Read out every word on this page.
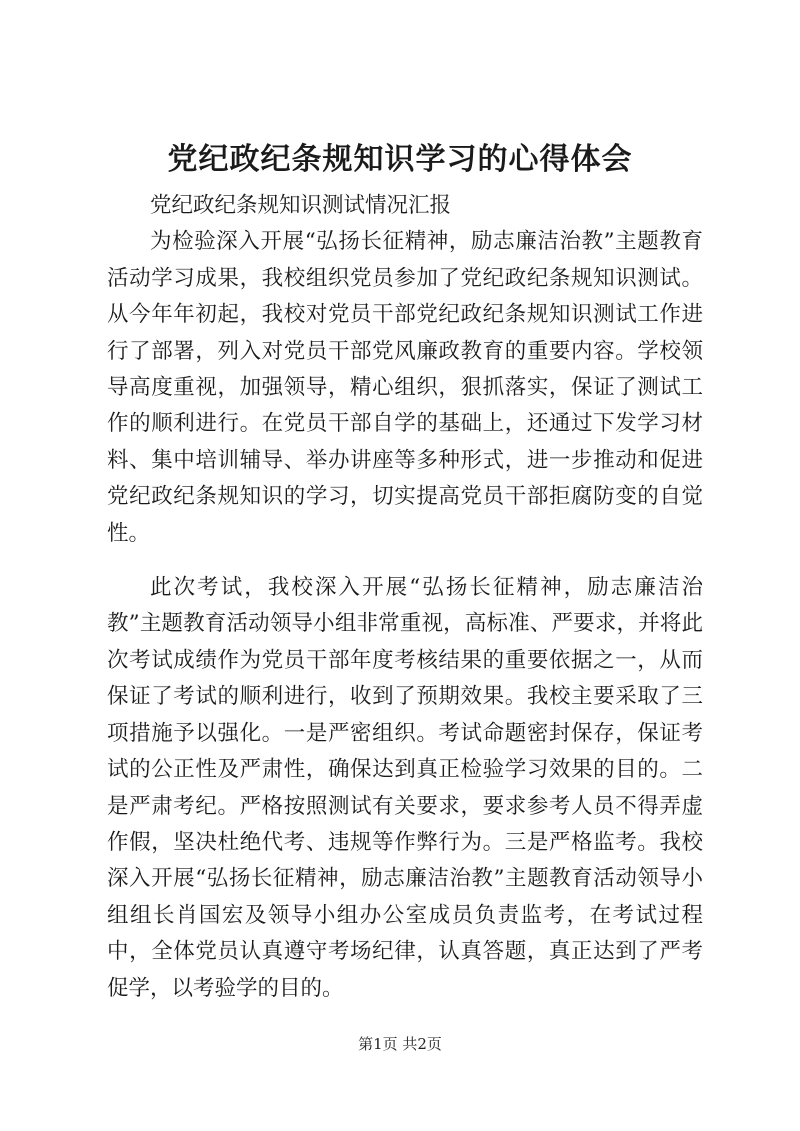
党纪政纪条规知识学习的心得体会

党纪政纪条规知识测试情况汇报

为检验深入开展“弘扬长征精神，励志廉洁治教”主题教育活动学习成果，我校组织党员参加了党纪政纪条规知识测试。从今年年初起，我校对党员干部党纪政纪条规知识测试工作进行了部署，列入对党员干部党风廉政教育的重要内容。学校领导高度重视，加强领导，精心组织，狠抓落实，保证了测试工作的顺利进行。在党员干部自学的基础上，还通过下发学习材料、集中培训辅导、举办讲座等多种形式，进一步推动和促进党纪政纪条规知识的学习，切实提高党员干部拒腐防变的自觉性。

此次考试，我校深入开展“弘扬长征精神，励志廉洁治教”主题教育活动领导小组非常重视，高标准、严要求，并将此次考试成绩作为党员干部年度考核结果的重要依据之一，从而保证了考试的顺利进行，收到了预期效果。我校主要采取了三项措施予以强化。一是严密组织。考试命题密封保存，保证考试的公正性及严肃性，确保达到真正检验学习效果的目的。二是严肃考纪。严格按照测试有关要求，要求参考人员不得弄虚作假，坚决杜绝代考、违规等作弊行为。三是严格监考。我校深入开展“弘扬长征精神，励志廉洁治教”主题教育活动领导小组组长肖国宏及领导小组办公室成员负责监考，在考试过程中，全体党员认真遵守考场纪律，认真答题，真正达到了严考促学，以考验学的目的。

第1页 共2页
